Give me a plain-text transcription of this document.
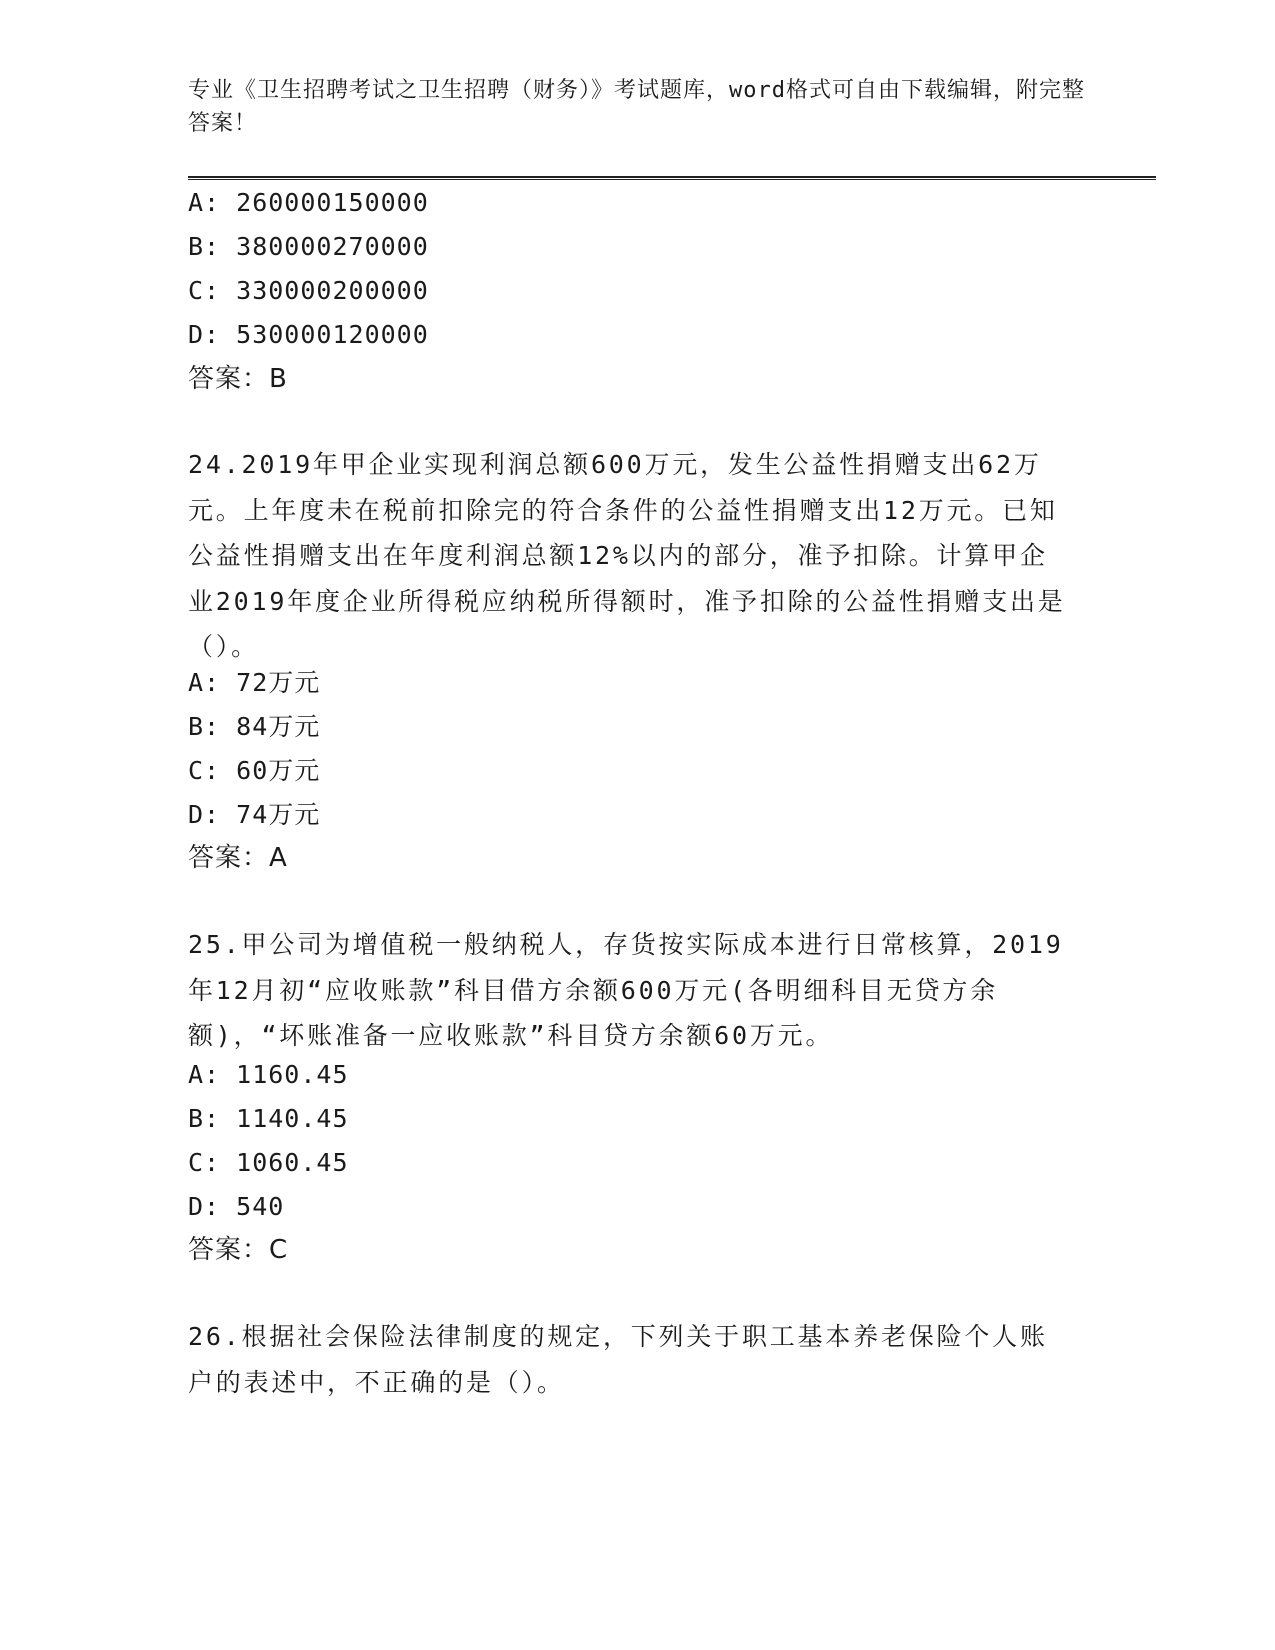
专业《卫生招聘考试之卫生招聘（财务）》考试题库，word格式可自由下载编辑，附完整答案！
A: 260000150000
B: 380000270000
C: 330000200000
D: 530000120000
答案：B
24.2019年甲企业实现利润总额600万元，发生公益性捐赠支出62万元。上年度未在税前扣除完的符合条件的公益性捐赠支出12万元。已知公益性捐赠支出在年度利润总额12%以内的部分，准予扣除。计算甲企业2019年度企业所得税应纳税所得额时，准予扣除的公益性捐赠支出是（）。
A: 72万元
B: 84万元
C: 60万元
D: 74万元
答案：A
25.甲公司为增值税一般纳税人，存货按实际成本进行日常核算，2019年12月初“应收账款”科目借方余额600万元(各明细科目无贷方余额)，“坏账准备一应收账款”科目贷方余额60万元。
A: 1160.45
B: 1140.45
C: 1060.45
D: 540
答案：C
26.根据社会保险法律制度的规定，下列关于职工基本养老保险个人账户的表述中，不正确的是（）。
